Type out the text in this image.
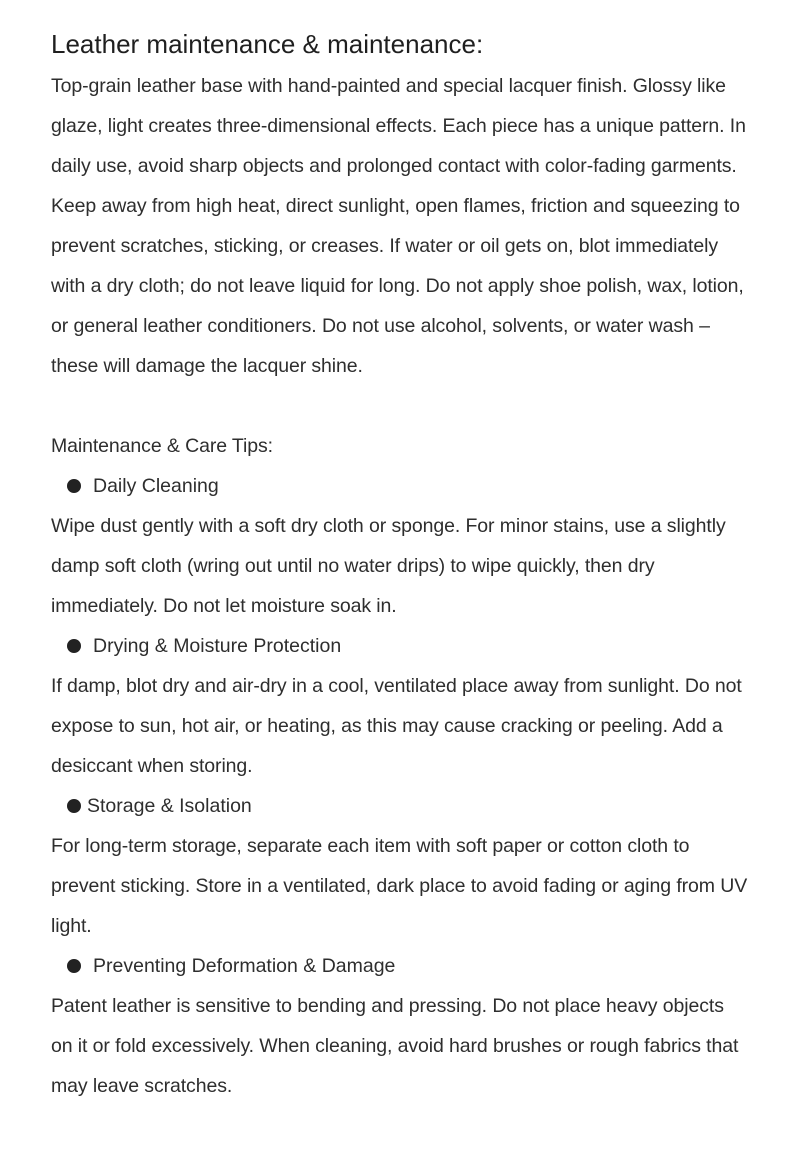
Leather maintenance & maintenance:

Top-grain leather base with hand-painted and special lacquer finish. Glossy like glaze, light creates three-dimensional effects. Each piece has a unique pattern. In daily use, avoid sharp objects and prolonged contact with color-fading garments. Keep away from high heat, direct sunlight, open flames, friction and squeezing to prevent scratches, sticking, or creases. If water or oil gets on, blot immediately with a dry cloth; do not leave liquid for long. Do not apply shoe polish, wax, lotion, or general leather conditioners. Do not use alcohol, solvents, or water wash – these will damage the lacquer shine.

Maintenance & Care Tips:

Daily Cleaning

Wipe dust gently with a soft dry cloth or sponge. For minor stains, use a slightly damp soft cloth (wring out until no water drips) to wipe quickly, then dry immediately. Do not let moisture soak in.

Drying & Moisture Protection

If damp, blot dry and air-dry in a cool, ventilated place away from sunlight. Do not expose to sun, hot air, or heating, as this may cause cracking or peeling. Add a desiccant when storing.

Storage & Isolation

For long-term storage, separate each item with soft paper or cotton cloth to prevent sticking. Store in a ventilated, dark place to avoid fading or aging from UV light.

Preventing Deformation & Damage

Patent leather is sensitive to bending and pressing. Do not place heavy objects on it or fold excessively. When cleaning, avoid hard brushes or rough fabrics that may leave scratches.
